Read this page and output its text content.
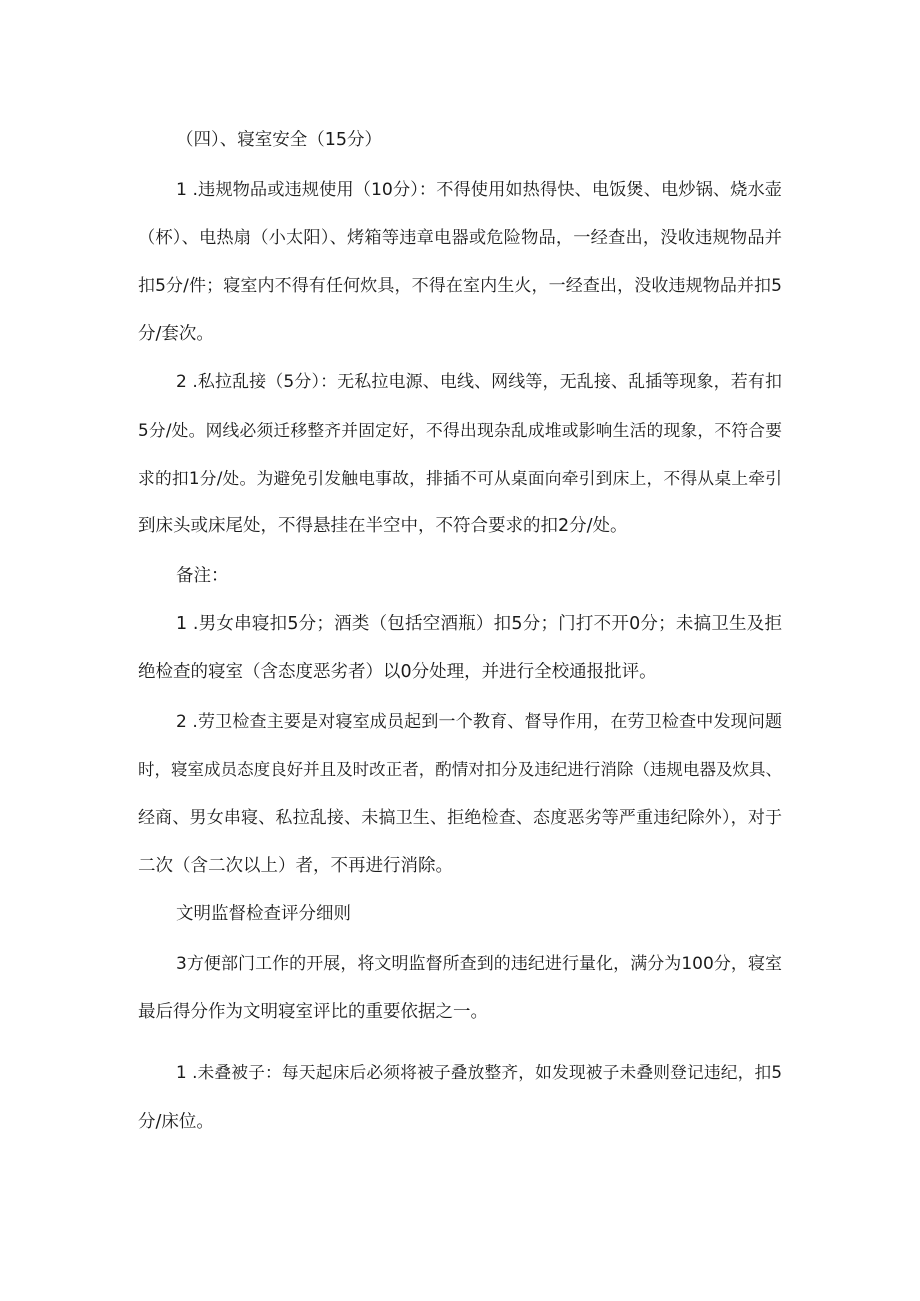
（四）、寝室安全（15分）
1 .违规物品或违规使用（10分）：不得使用如热得快、电饭煲、电炒锅、烧水壶
（杯）、电热扇（小太阳）、烤箱等违章电器或危险物品，一经查出，没收违规物品并
扣5分/件；寝室内不得有任何炊具，不得在室内生火，一经查出，没收违规物品并扣5
分/套次。
2 .私拉乱接（5分）：无私拉电源、电线、网线等，无乱接、乱插等现象，若有扣
5分/处。网线必须迁移整齐并固定好，不得出现杂乱成堆或影响生活的现象，不符合要
求的扣1分/处。为避免引发触电事故，排插不可从桌面向牵引到床上，不得从桌上牵引
到床头或床尾处，不得悬挂在半空中，不符合要求的扣2分/处。
备注：
1 .男女串寝扣5分；酒类（包括空酒瓶）扣5分；门打不开0分；未搞卫生及拒
绝检查的寝室（含态度恶劣者）以0分处理，并进行全校通报批评。
2 .劳卫检查主要是对寝室成员起到一个教育、督导作用，在劳卫检查中发现问题
时，寝室成员态度良好并且及时改正者，酌情对扣分及违纪进行消除（违规电器及炊具、
经商、男女串寝、私拉乱接、未搞卫生、拒绝检查、态度恶劣等严重违纪除外），对于
二次（含二次以上）者，不再进行消除。
文明监督检查评分细则
3方便部门工作的开展，将文明监督所查到的违纪进行量化，满分为100分，寝室
最后得分作为文明寝室评比的重要依据之一。
1 .未叠被子：每天起床后必须将被子叠放整齐，如发现被子未叠则登记违纪，扣5
分/床位。
